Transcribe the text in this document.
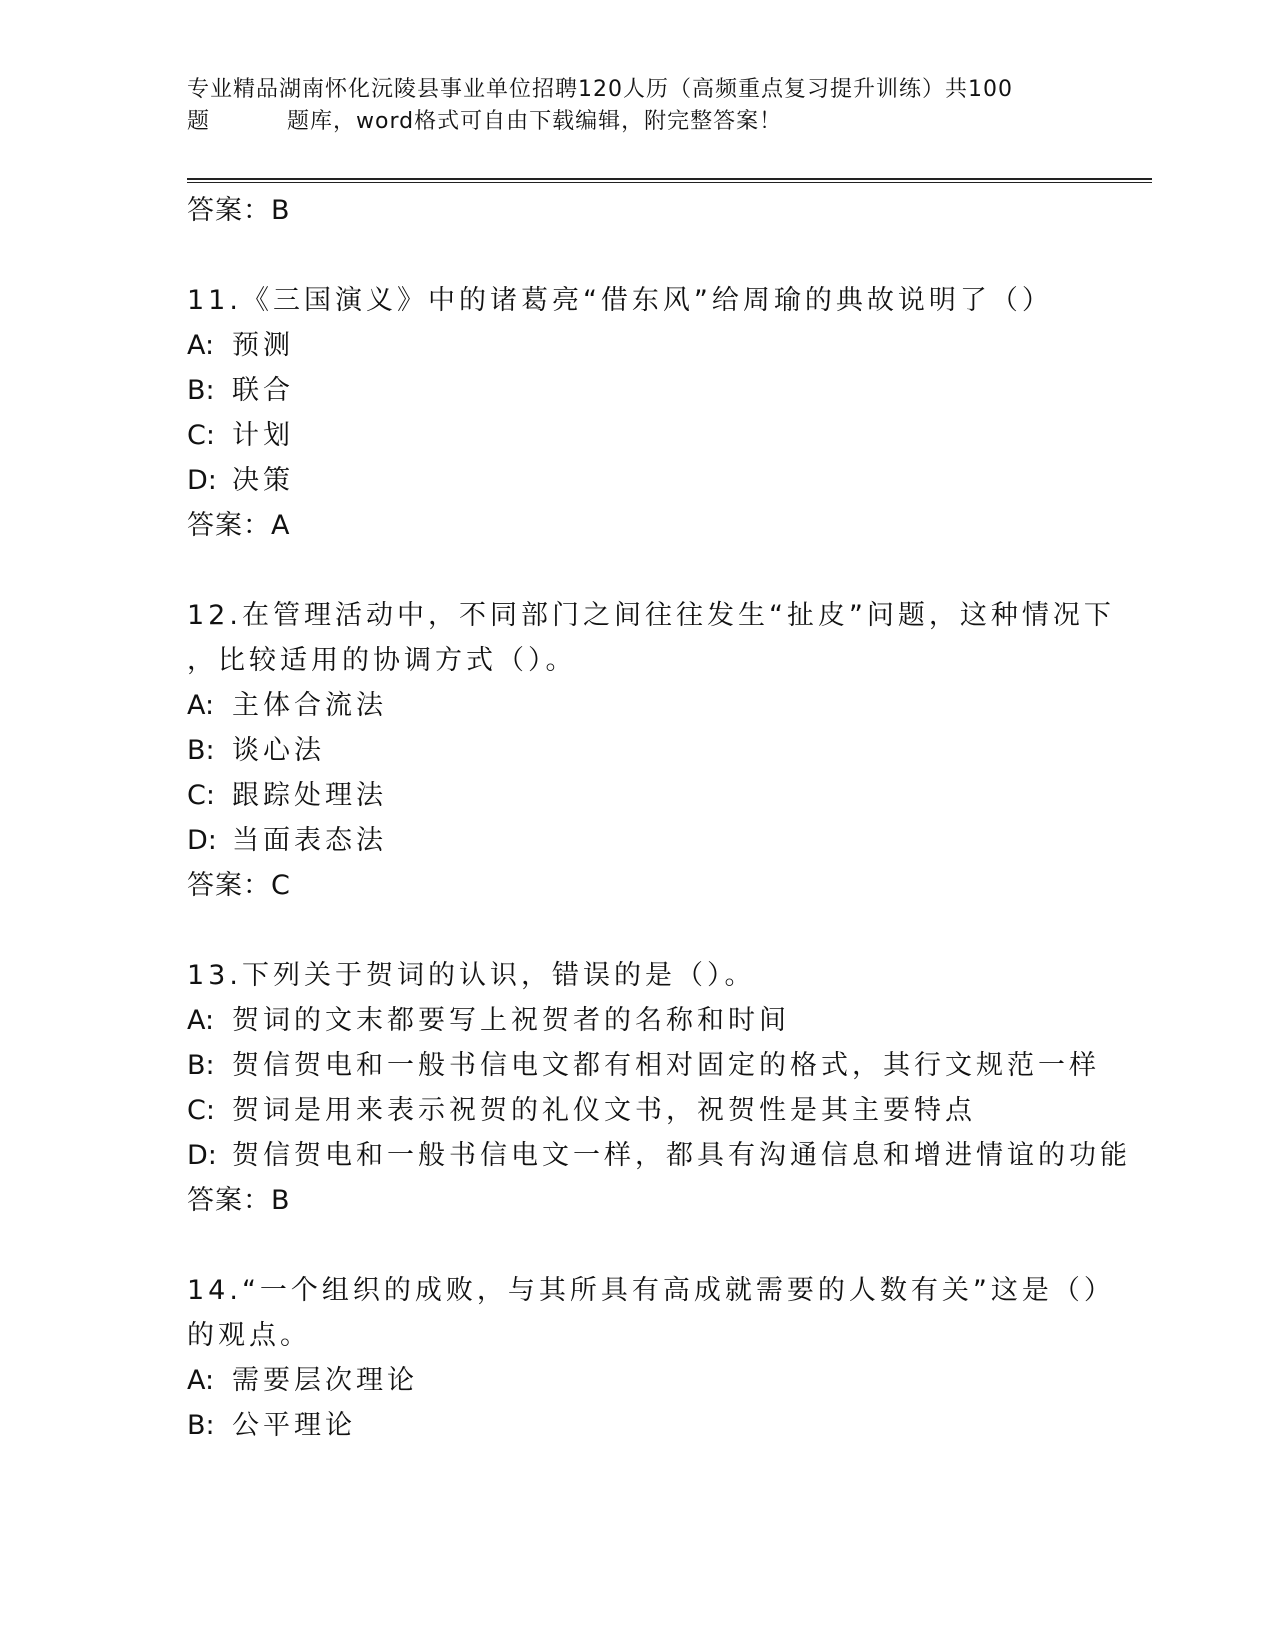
专业精品湖南怀化沅陵县事业单位招聘120人历（高频重点复习提升训练）共100
题	题库，word格式可自由下载编辑，附完整答案！
答案：B
11.《三国演义》中的诸葛亮“借东风”给周瑜的典故说明了（）
A: 预测
B: 联合
C: 计划
D: 决策
答案：A
12.在管理活动中，不同部门之间往往发生“扯皮”问题，这种情况下
，比较适用的协调方式（）。
A: 主体合流法
B: 谈心法
C: 跟踪处理法
D: 当面表态法
答案：C
13.下列关于贺词的认识，错误的是（）。
A: 贺词的文末都要写上祝贺者的名称和时间
B: 贺信贺电和一般书信电文都有相对固定的格式，其行文规范一样
C: 贺词是用来表示祝贺的礼仪文书，祝贺性是其主要特点
D: 贺信贺电和一般书信电文一样，都具有沟通信息和增进情谊的功能
答案：B
14.“一个组织的成败，与其所具有高成就需要的人数有关”这是（）
的观点。
A: 需要层次理论
B: 公平理论
